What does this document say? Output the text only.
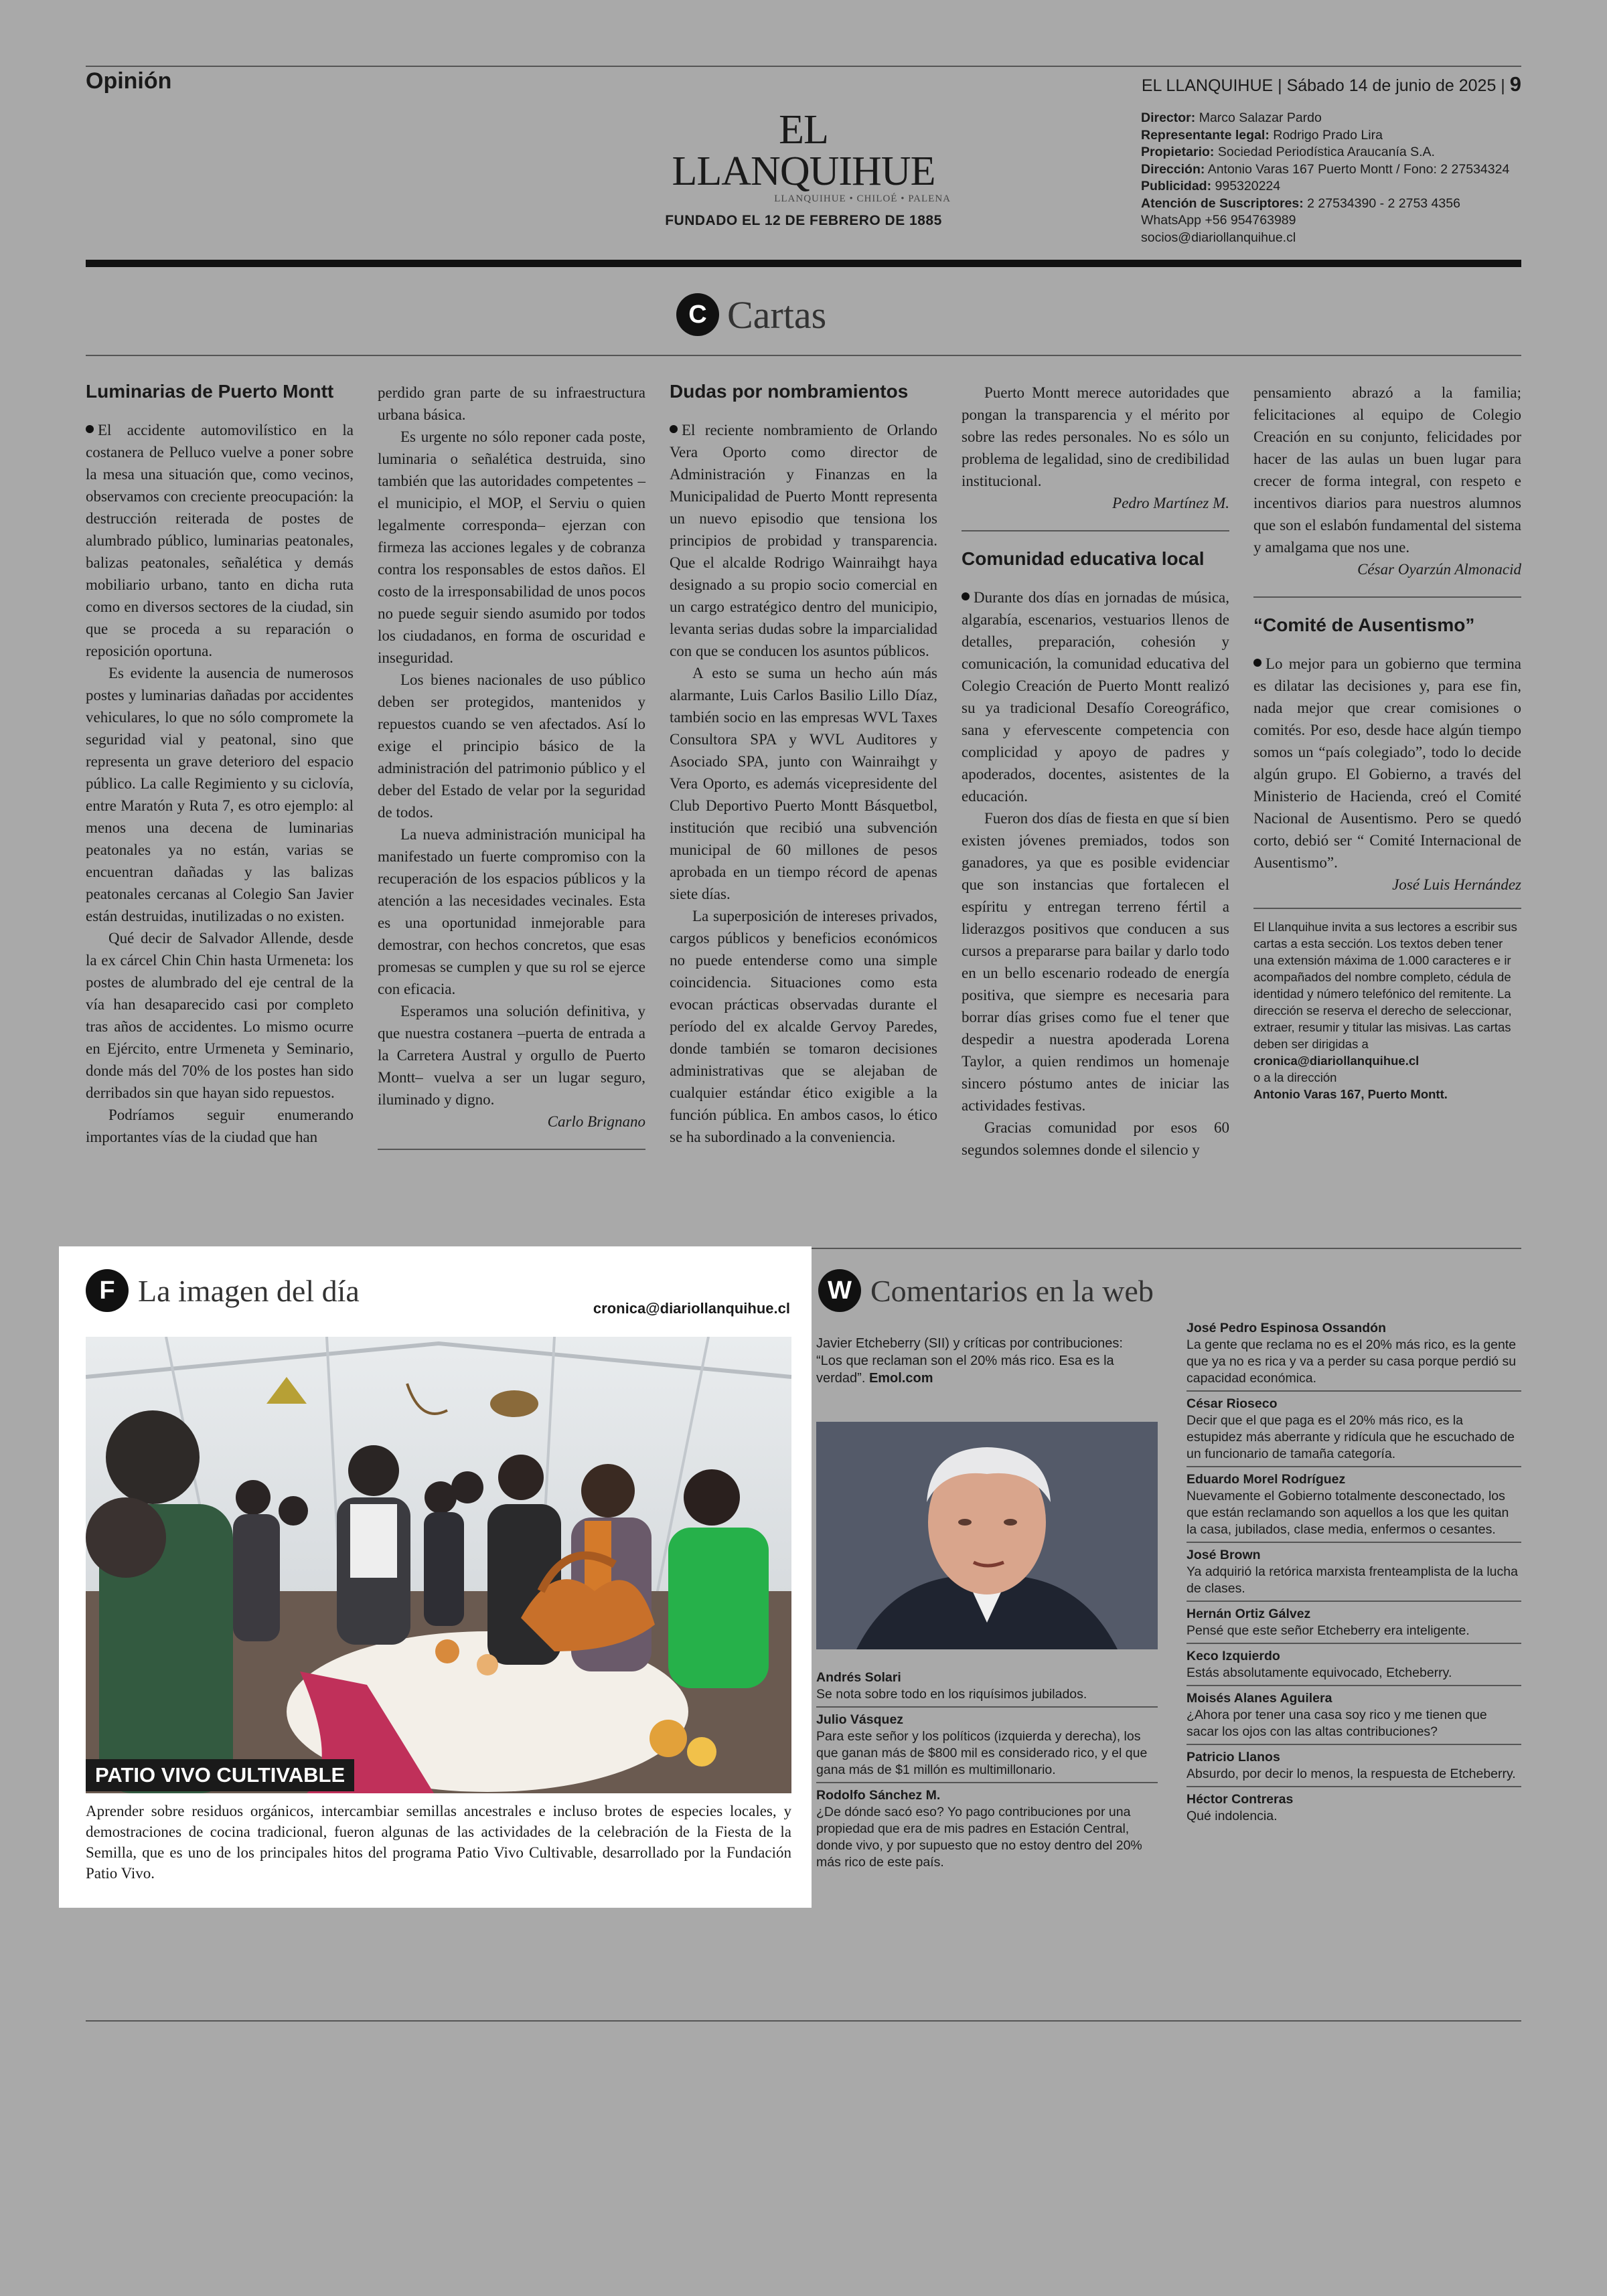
Opinión	EL LLANQUIHUE | Sábado 14 de junio de 2025 | 9
EL LLANQUIHUE
LLANQUIHUE • CHILOÉ • PALENA
FUNDADO EL 12 DE FEBRERO DE 1885
Director: Marco Salazar Pardo
Representante legal: Rodrigo Prado Lira
Propietario: Sociedad Periodística Araucanía S.A.
Dirección: Antonio Varas 167 Puerto Montt / Fono: 2 27534324
Publicidad: 995320224
Atención de Suscriptores: 2 27534390 - 2 2753 4356
WhatsApp +56 954763989
socios@diariollanquihue.cl
C Cartas
Luminarias de Puerto Montt

El accidente automovilístico en la costanera de Pelluco vuelve a poner sobre la mesa una situación que, como vecinos, observamos con creciente preocupación: la destrucción reiterada de postes de alumbrado público, luminarias peatonales, balizas peatonales, señalética y demás mobiliario urbano, tanto en dicha ruta como en diversos sectores de la ciudad, sin que se proceda a su reparación o reposición oportuna.

Es evidente la ausencia de numerosos postes y luminarias dañadas por accidentes vehiculares, lo que no sólo compromete la seguridad vial y peatonal, sino que representa un grave deterioro del espacio público. La calle Regimiento y su ciclovía, entre Maratón y Ruta 7, es otro ejemplo: al menos una decena de luminarias peatonales ya no están, varias se encuentran dañadas y las balizas peatonales cercanas al Colegio San Javier están destruidas, inutilizadas o no existen.

Qué decir de Salvador Allende, desde la ex cárcel Chin Chin hasta Urmeneta: los postes de alumbrado del eje central de la vía han desaparecido casi por completo tras años de accidentes. Lo mismo ocurre en Ejército, entre Urmeneta y Seminario, donde más del 70% de los postes han sido derribados sin que hayan sido repuestos.

Podríamos seguir enumerando importantes vías de la ciudad que han

perdido gran parte de su infraestructura urbana básica.

Es urgente no sólo reponer cada poste, luminaria o señalética destruida, sino también que las autoridades competentes –el municipio, el MOP, el Serviu o quien legalmente corresponda– ejerzan con firmeza las acciones legales y de cobranza contra los responsables de estos daños. El costo de la irresponsabilidad de unos pocos no puede seguir siendo asumido por todos los ciudadanos, en forma de oscuridad e inseguridad.

Los bienes nacionales de uso público deben ser protegidos, mantenidos y repuestos cuando se ven afectados. Así lo exige el principio básico de la administración del patrimonio público y el deber del Estado de velar por la seguridad de todos.

La nueva administración municipal ha manifestado un fuerte compromiso con la recuperación de los espacios públicos y la atención a las necesidades vecinales. Esta es una oportunidad inmejorable para demostrar, con hechos concretos, que esas promesas se cumplen y que su rol se ejerce con eficacia.

Esperamos una solución definitiva, y que nuestra costanera –puerta de entrada a la Carretera Austral y orgullo de Puerto Montt– vuelva a ser un lugar seguro, iluminado y digno.

Carlo Brignano

Dudas por nombramientos

El reciente nombramiento de Orlando Vera Oporto como director de Administración y Finanzas en la Municipalidad de Puerto Montt representa un nuevo episodio que tensiona los principios de probidad y transparencia. Que el alcalde Rodrigo Wainraihgt haya designado a su propio socio comercial en un cargo estratégico dentro del municipio, levanta serias dudas sobre la imparcialidad con que se conducen los asuntos públicos.

A esto se suma un hecho aún más alarmante, Luis Carlos Basilio Lillo Díaz, también socio en las empresas WVL Taxes Consultora SPA y WVL Auditores y Asociado SPA, junto con Wainraihgt y Vera Oporto, es además vicepresidente del Club Deportivo Puerto Montt Básquetbol, institución que recibió una subvención municipal de 60 millones de pesos aprobada en un tiempo récord de apenas siete días.

La superposición de intereses privados, cargos públicos y beneficios económicos no puede entenderse como una simple coincidencia. Situaciones como esta evocan prácticas observadas durante el período del ex alcalde Gervoy Paredes, donde también se tomaron decisiones administrativas que se alejaban de cualquier estándar ético exigible a la función pública. En ambos casos, lo ético se ha subordinado a la conveniencia.

Puerto Montt merece autoridades que pongan la transparencia y el mérito por sobre las redes personales. No es sólo un problema de legalidad, sino de credibilidad institucional.

Pedro Martínez M.

Comunidad educativa local

Durante dos días en jornadas de música, algarabía, escenarios, vestuarios llenos de detalles, preparación, cohesión y comunicación, la comunidad educativa del Colegio Creación de Puerto Montt realizó su ya tradicional Desafío Coreográfico, sana y efervescente competencia con complicidad y apoyo de padres y apoderados, docentes, asistentes de la educación.

Fueron dos días de fiesta en que sí bien existen jóvenes premiados, todos son ganadores, ya que es posible evidenciar que son instancias que fortalecen el espíritu y entregan terreno fértil a liderazgos positivos que conducen a sus cursos a prepararse para bailar y darlo todo en un bello escenario rodeado de energía positiva, que siempre es necesaria para borrar días grises como fue el tener que despedir a nuestra apoderada Lorena Taylor, a quien rendimos un homenaje sincero póstumo antes de iniciar las actividades festivas.

Gracias comunidad por esos 60 segundos solemnes donde el silencio y

pensamiento abrazó a la familia; felicitaciones al equipo de Colegio Creación en su conjunto, felicidades por hacer de las aulas un buen lugar para crecer de forma integral, con respeto e incentivos diarios para nuestros alumnos que son el eslabón fundamental del sistema y amalgama que nos une.

César Oyarzún Almonacid

“Comité de Ausentismo”

Lo mejor para un gobierno que termina es dilatar las decisiones y, para ese fin, nada mejor que crear comisiones o comités. Por eso, desde hace algún tiempo somos un “país colegiado”, todo lo decide algún grupo. El Gobierno, a través del Ministerio de Hacienda, creó el Comité Nacional de Ausentismo. Pero se quedó corto, debió ser “ Comité Internacional de Ausentismo”.

José Luis Hernández

El Llanquihue invita a sus lectores a escribir sus cartas a esta sección. Los textos deben tener una extensión máxima de 1.000 caracteres e ir acompañados del nombre completo, cédula de identidad y número telefónico del remitente. La dirección se reserva el derecho de seleccionar, extraer, resumir y titular las misivas. Las cartas deben ser dirigidas a
cronica@diariollanquihue.cl
o a la dirección
Antonio Varas 167, Puerto Montt.
F La imagen del día
cronica@diariollanquihue.cl
PATIO VIVO CULTIVABLE
Aprender sobre residuos orgánicos, intercambiar semillas ancestrales e incluso brotes de especies locales, y demostraciones de cocina tradicional, fueron algunas de las actividades de la celebración de la Fiesta de la Semilla, que es uno de los principales hitos del programa Patio Vivo Cultivable, desarrollado por la Fundación Patio Vivo.
W Comentarios en la web
Javier Etcheberry (SII) y críticas por contribuciones: “Los que reclaman son el 20% más rico. Esa es la verdad”. Emol.com
Andrés Solari
Se nota sobre todo en los riquísimos jubilados.
Julio Vásquez
Para este señor y los políticos (izquierda y derecha), los que ganan más de $800 mil es considerado rico, y el que gana más de $1 millón es multimillonario.
Rodolfo Sánchez M.
¿De dónde sacó eso? Yo pago contribuciones por una propiedad que era de mis padres en Estación Central, donde vivo, y por supuesto que no estoy dentro del 20% más rico de este país.
José Pedro Espinosa Ossandón
La gente que reclama no es el 20% más rico, es la gente que ya no es rica y va a perder su casa porque perdió su capacidad económica.
César Rioseco
Decir que el que paga es el 20% más rico, es la estupidez más aberrante y ridícula que he escuchado de un funcionario de tamaña categoría.
Eduardo Morel Rodríguez
Nuevamente el Gobierno totalmente desconectado, los que están reclamando son aquellos a los que les quitan la casa, jubilados, clase media, enfermos o cesantes.
José Brown
Ya adquirió la retórica marxista frenteamplista de la lucha de clases.
Hernán Ortiz Gálvez
Pensé que este señor Etcheberry era inteligente.
Keco Izquierdo
Estás absolutamente equivocado, Etcheberry.
Moisés Alanes Aguilera
¿Ahora por tener una casa soy rico y me tienen que sacar los ojos con las altas contribuciones?
Patricio Llanos
Absurdo, por decir lo menos, la respuesta de Etcheberry.
Héctor Contreras
Qué indolencia.
